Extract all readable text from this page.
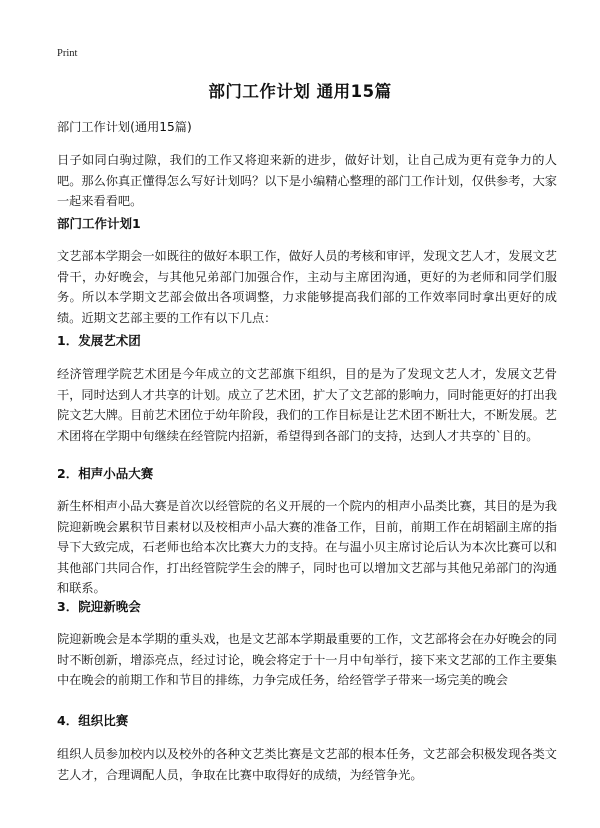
Print
部门工作计划 通用15篇

部门工作计划(通用15篇)

日子如同白驹过隙，我们的工作又将迎来新的进步，做好计划，让自己成为更有竞争力的人吧。那么你真正懂得怎么写好计划吗？以下是小编精心整理的部门工作计划，仅供参考，大家一起来看看吧。

部门工作计划1

文艺部本学期会一如既往的做好本职工作，做好人员的考核和审评，发现文艺人才，发展文艺骨干，办好晚会，与其他兄弟部门加强合作，主动与主席团沟通，更好的为老师和同学们服务。所以本学期文艺部会做出各项调整，力求能够提高我们部的工作效率同时拿出更好的成绩。近期文艺部主要的工作有以下几点：

1．发展艺术团

经济管理学院艺术团是今年成立的文艺部旗下组织，目的是为了发现文艺人才，发展文艺骨干，同时达到人才共享的计划。成立了艺术团，扩大了文艺部的影响力，同时能更好的打出我院文艺大牌。目前艺术团位于幼年阶段，我们的工作目标是让艺术团不断壮大，不断发展。艺术团将在学期中旬继续在经管院内招新，希望得到各部门的支持，达到人才共享的`目的。

2．相声小品大赛

新生杯相声小品大赛是首次以经管院的名义开展的一个院内的相声小品类比赛，其目的是为我院迎新晚会累积节目素材以及校相声小品大赛的准备工作，目前，前期工作在胡韬副主席的指导下大致完成，石老师也给本次比赛大力的支持。在与温小贝主席讨论后认为本次比赛可以和其他部门共同合作，打出经管院学生会的牌子，同时也可以增加文艺部与其他兄弟部门的沟通和联系。

3．院迎新晚会

院迎新晚会是本学期的重头戏，也是文艺部本学期最重要的工作，文艺部将会在办好晚会的同时不断创新，增添亮点，经过讨论，晚会将定于十一月中旬举行，接下来文艺部的工作主要集中在晚会的前期工作和节目的排练，力争完成任务，给经管学子带来一场完美的晚会

4．组织比赛

组织人员参加校内以及校外的各种文艺类比赛是文艺部的根本任务，文艺部会积极发现各类文艺人才，合理调配人员，争取在比赛中取得好的成绩，为经管争光。
